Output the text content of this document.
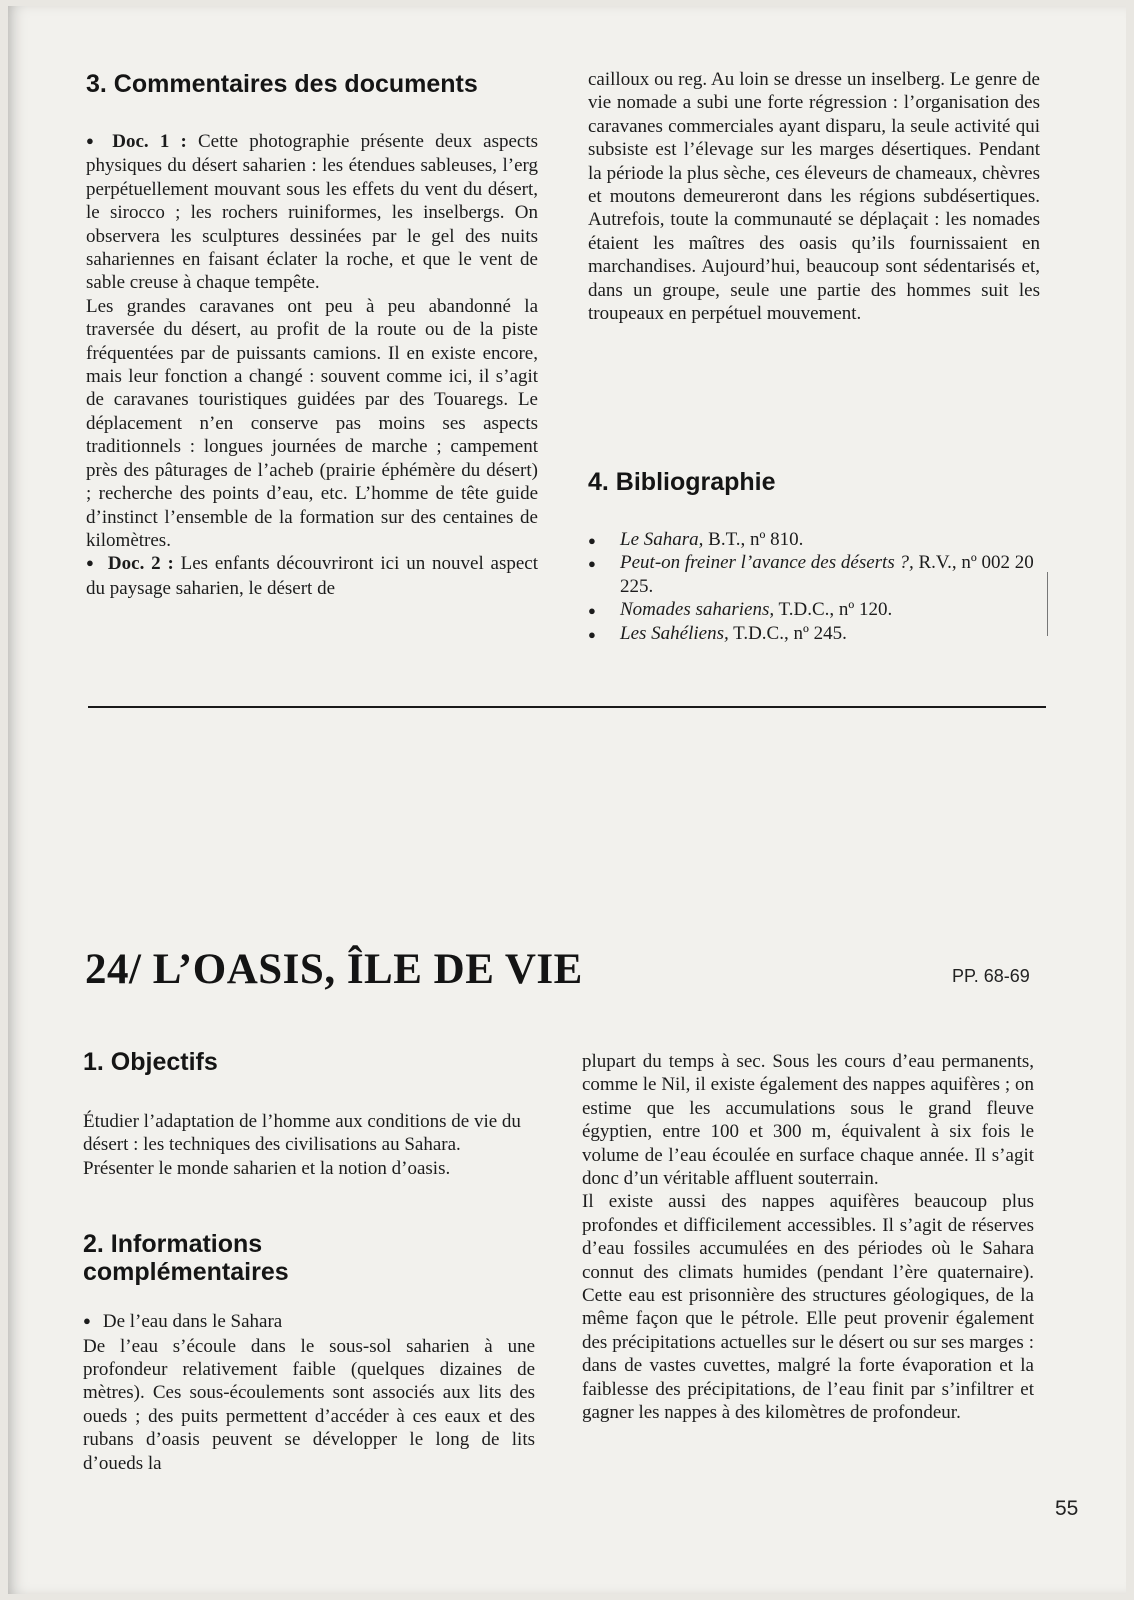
3. Commentaires des documents

● Doc. 1 : Cette photographie présente deux aspects physiques du désert saharien : les étendues sableuses, l’erg perpétuellement mouvant sous les effets du vent du désert, le sirocco ; les rochers ruiniformes, les inselbergs. On observera les sculptures dessinées par le gel des nuits sahariennes en faisant éclater la roche, et que le vent de sable creuse à chaque tempête.

Les grandes caravanes ont peu à peu abandonné la traversée du désert, au profit de la route ou de la piste fréquentées par de puissants camions. Il en existe encore, mais leur fonction a changé : souvent comme ici, il s’agit de caravanes touristiques guidées par des Touaregs. Le déplacement n’en conserve pas moins ses aspects traditionnels : longues journées de marche ; campement près des pâturages de l’acheb (prairie éphémère du désert) ; recherche des points d’eau, etc. L’homme de tête guide d’instinct l’ensemble de la formation sur des centaines de kilomètres.

● Doc. 2 : Les enfants découvriront ici un nouvel aspect du paysage saharien, le désert de

cailloux ou reg. Au loin se dresse un inselberg. Le genre de vie nomade a subi une forte régression : l’organisation des caravanes commerciales ayant disparu, la seule activité qui subsiste est l’élevage sur les marges désertiques. Pendant la période la plus sèche, ces éleveurs de chameaux, chèvres et moutons demeureront dans les régions subdésertiques. Autrefois, toute la communauté se déplaçait : les nomades étaient les maîtres des oasis qu’ils fournissaient en marchandises. Aujourd’hui, beaucoup sont sédentarisés et, dans un groupe, seule une partie des hommes suit les troupeaux en perpétuel mouvement.

4. Bibliographie
● Le Sahara, B.T., nº 810.
● Peut-on freiner l’avance des déserts ?, R.V., nº 002 20 225.
● Nomades sahariens, T.D.C., nº 120.
● Les Sahéliens, T.D.C., nº 245.
24/ L’OASIS, ÎLE DE VIE	PP. 68-69
1. Objectifs

Étudier l’adaptation de l’homme aux conditions de vie du désert : les techniques des civilisations au Sahara.

Présenter le monde saharien et la notion d’oasis.

2. Informations
complémentaires

● De l’eau dans le Sahara

De l’eau s’écoule dans le sous-sol saharien à une profondeur relativement faible (quelques dizaines de mètres). Ces sous-écoulements sont associés aux lits des oueds ; des puits permettent d’accéder à ces eaux et des rubans d’oasis peuvent se développer le long de lits d’oueds la

plupart du temps à sec. Sous les cours d’eau permanents, comme le Nil, il existe également des nappes aquifères ; on estime que les accumulations sous le grand fleuve égyptien, entre 100 et 300 m, équivalent à six fois le volume de l’eau écoulée en surface chaque année. Il s’agit donc d’un véritable affluent souterrain.

Il existe aussi des nappes aquifères beaucoup plus profondes et difficilement accessibles. Il s’agit de réserves d’eau fossiles accumulées en des périodes où le Sahara connut des climats humides (pendant l’ère quaternaire). Cette eau est prisonnière des structures géologiques, de la même façon que le pétrole. Elle peut provenir également des précipitations actuelles sur le désert ou sur ses marges : dans de vastes cuvettes, malgré la forte évaporation et la faiblesse des précipitations, de l’eau finit par s’infiltrer et gagner les nappes à des kilomètres de profondeur.

55
